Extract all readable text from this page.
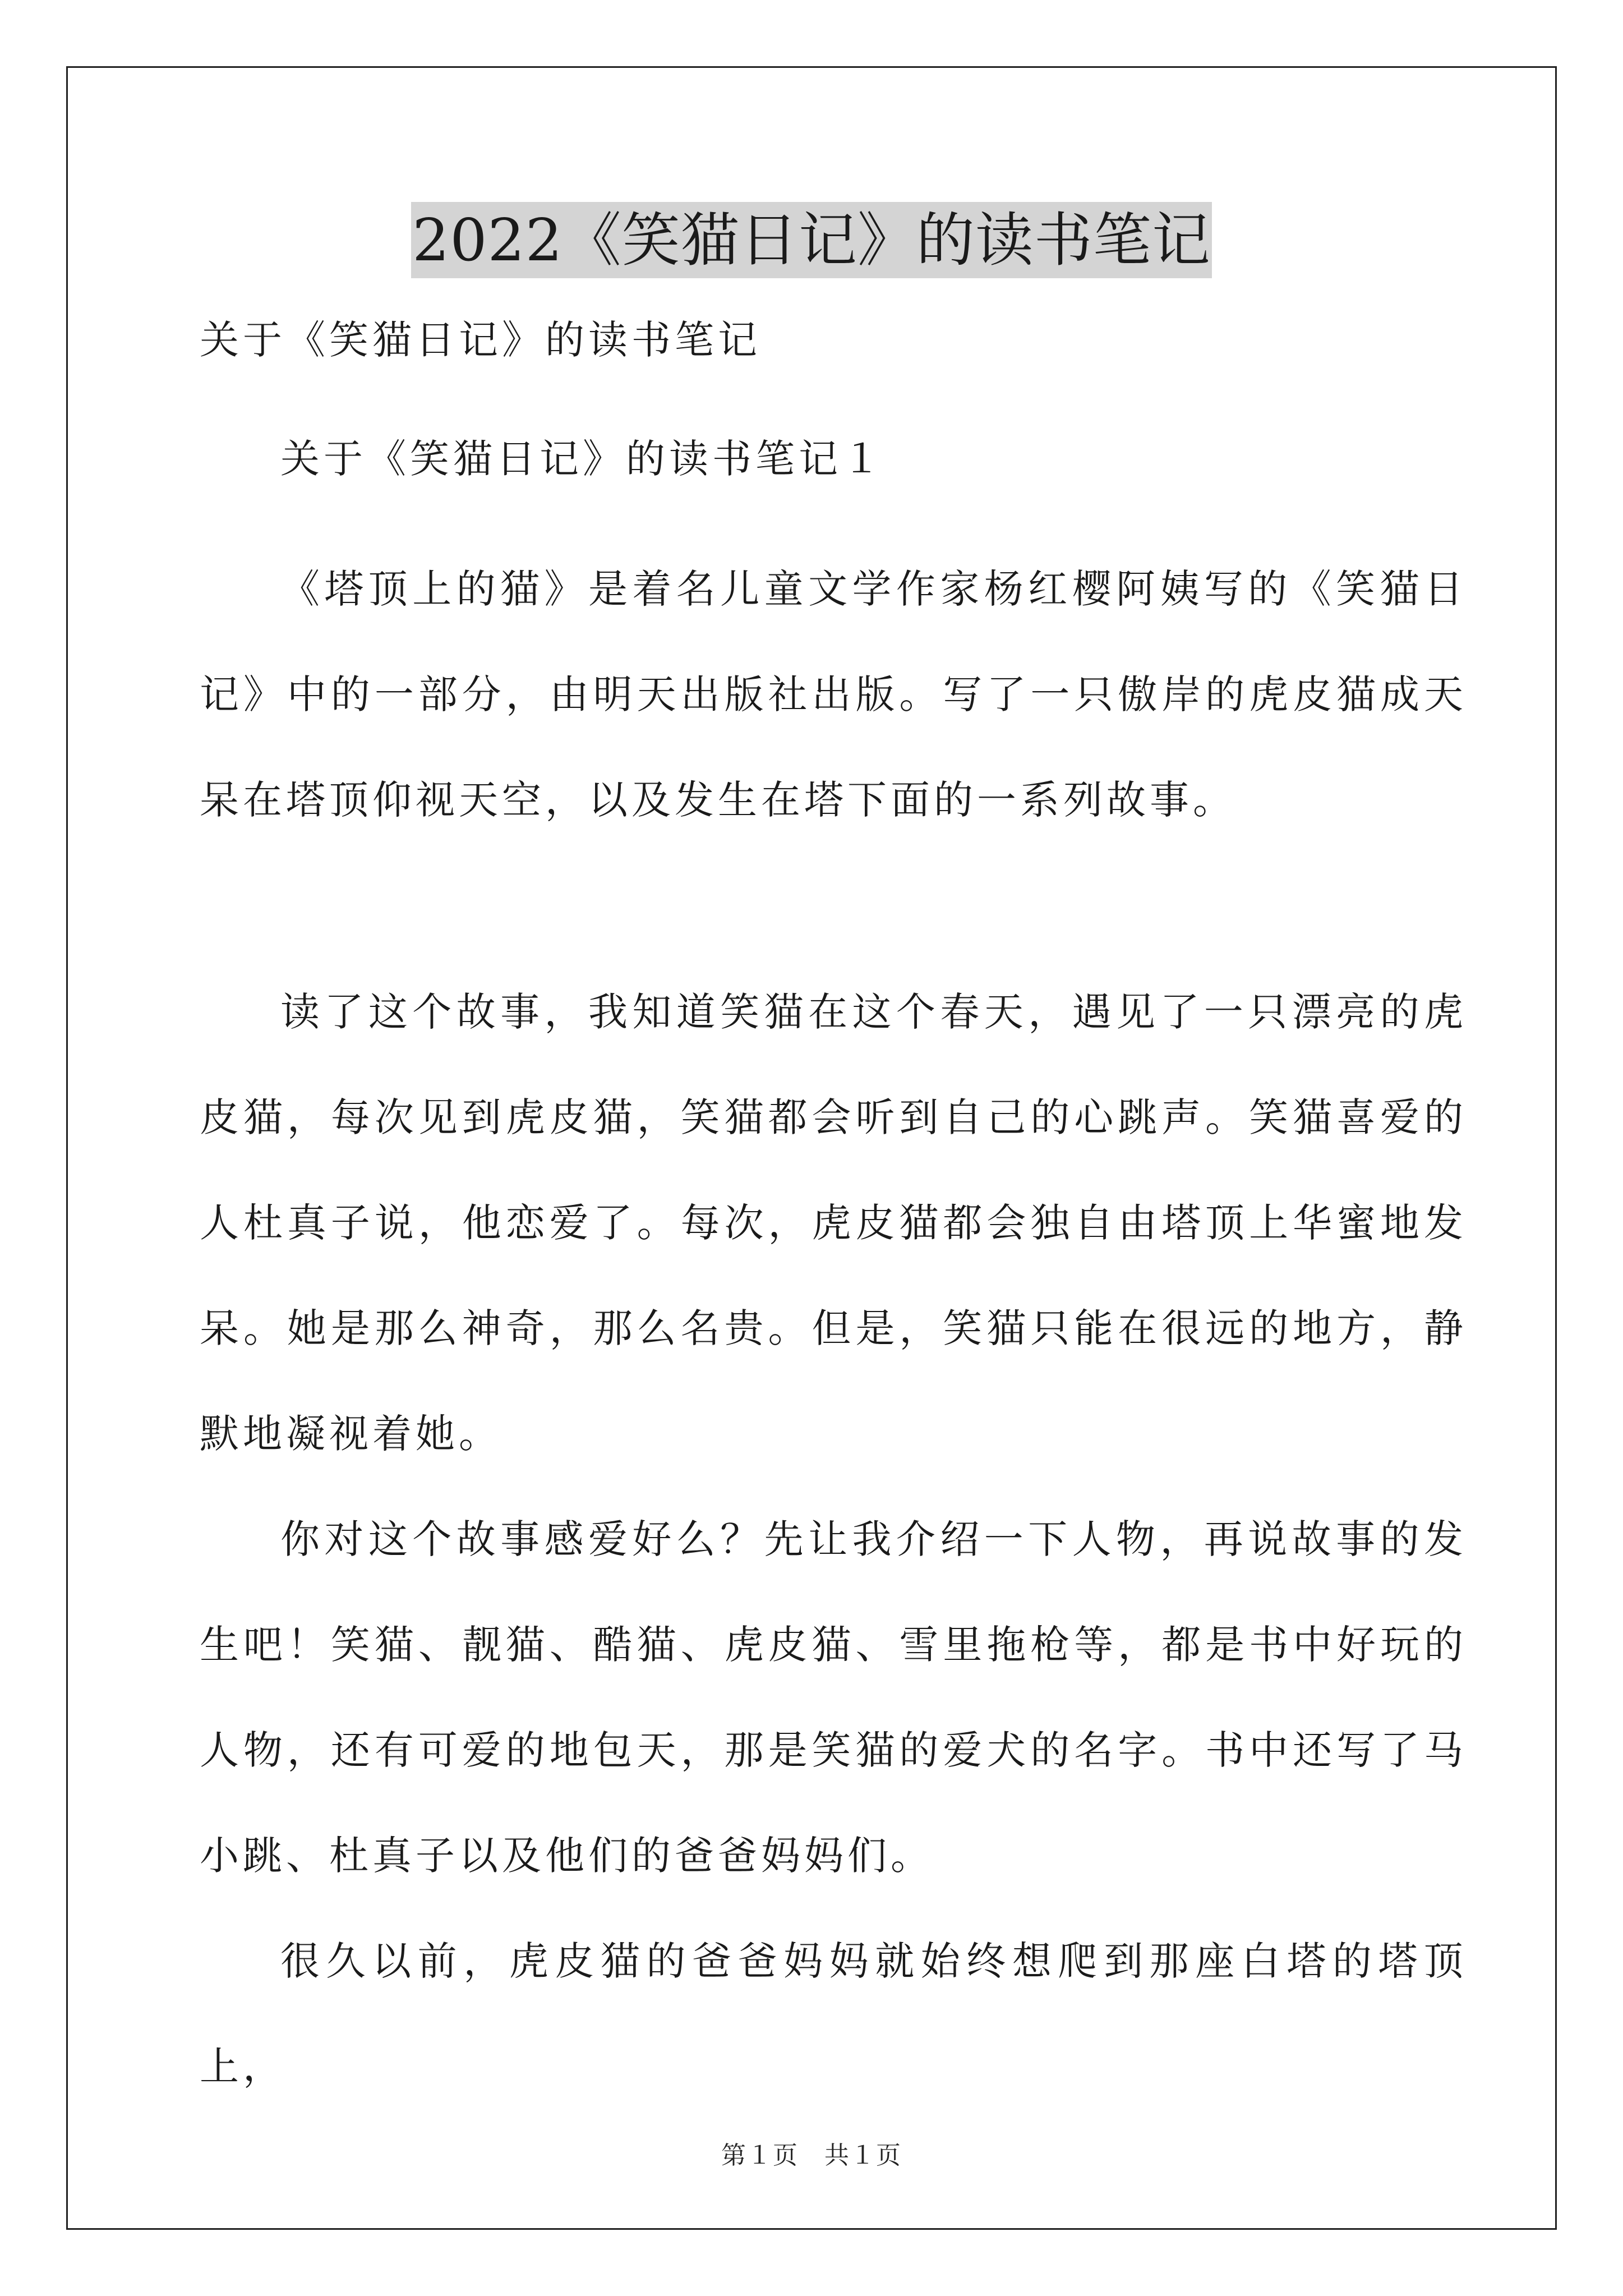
2022《笑猫日记》的读书笔记

关于《笑猫日记》的读书笔记

关于《笑猫日记》的读书笔记１

《塔顶上的猫》是着名儿童文学作家杨红樱阿姨写的《笑猫日记》中的一部分，由明天出版社出版。写了一只傲岸的虎皮猫成天呆在塔顶仰视天空，以及发生在塔下面的一系列故事。

读了这个故事，我知道笑猫在这个春天，遇见了一只漂亮的虎皮猫，每次见到虎皮猫，笑猫都会听到自己的心跳声。笑猫喜爱的人杜真子说，他恋爱了。每次，虎皮猫都会独自由塔顶上华蜜地发呆。她是那么神奇，那么名贵。但是，笑猫只能在很远的地方，静默地凝视着她。

你对这个故事感爱好么？先让我介绍一下人物，再说故事的发生吧！笑猫、靓猫、酷猫、虎皮猫、雪里拖枪等，都是书中好玩的人物，还有可爱的地包天，那是笑猫的爱犬的名字。书中还写了马小跳、杜真子以及他们的爸爸妈妈们。

很久以前，虎皮猫的爸爸妈妈就始终想爬到那座白塔的塔顶上，

第１页　共１页
